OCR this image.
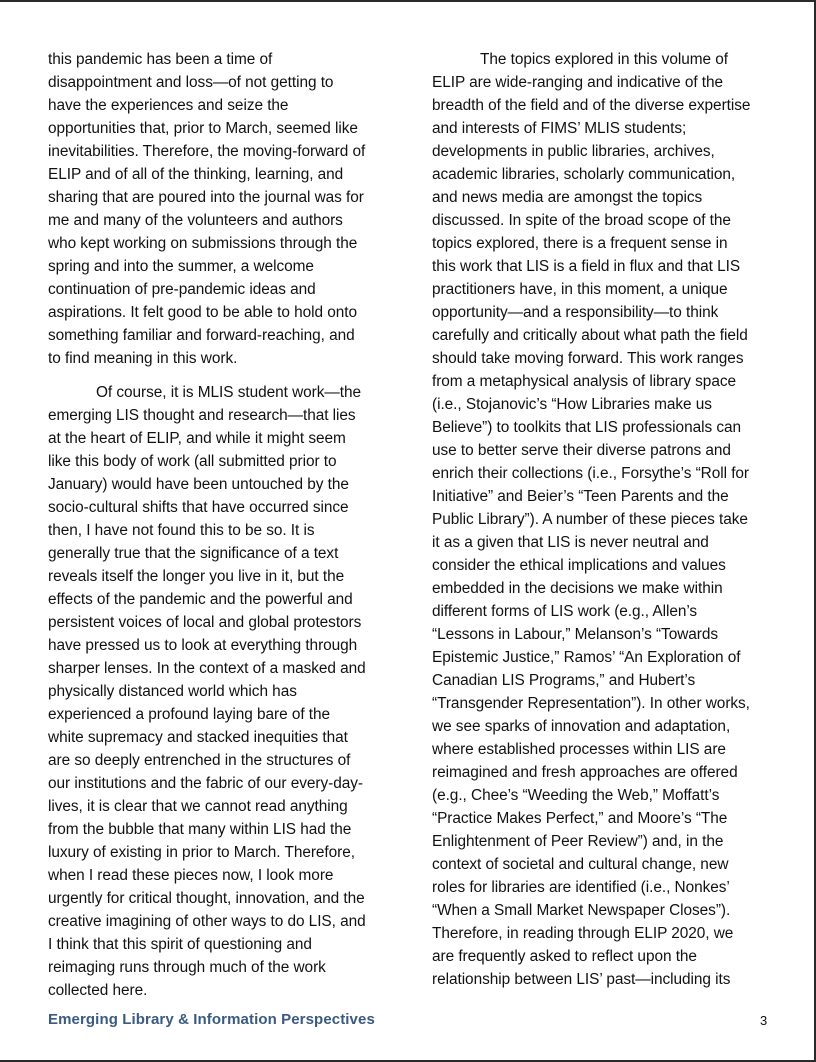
this pandemic has been a time of
disappointment and loss—of not getting to
have the experiences and seize the
opportunities that, prior to March, seemed like
inevitabilities. Therefore, the moving-forward of
ELIP and of all of the thinking, learning, and
sharing that are poured into the journal was for
me and many of the volunteers and authors
who kept working on submissions through the
spring and into the summer, a welcome
continuation of pre-pandemic ideas and
aspirations. It felt good to be able to hold onto
something familiar and forward-reaching, and
to find meaning in this work.

Of course, it is MLIS student work—the
emerging LIS thought and research—that lies
at the heart of ELIP, and while it might seem
like this body of work (all submitted prior to
January) would have been untouched by the
socio-cultural shifts that have occurred since
then, I have not found this to be so. It is
generally true that the significance of a text
reveals itself the longer you live in it, but the
effects of the pandemic and the powerful and
persistent voices of local and global protestors
have pressed us to look at everything through
sharper lenses. In the context of a masked and
physically distanced world which has
experienced a profound laying bare of the
white supremacy and stacked inequities that
are so deeply entrenched in the structures of
our institutions and the fabric of our every-day-
lives, it is clear that we cannot read anything
from the bubble that many within LIS had the
luxury of existing in prior to March. Therefore,
when I read these pieces now, I look more
urgently for critical thought, innovation, and the
creative imagining of other ways to do LIS, and
I think that this spirit of questioning and
reimaging runs through much of the work
collected here.

The topics explored in this volume of
ELIP are wide-ranging and indicative of the
breadth of the field and of the diverse expertise
and interests of FIMS’ MLIS students;
developments in public libraries, archives,
academic libraries, scholarly communication,
and news media are amongst the topics
discussed. In spite of the broad scope of the
topics explored, there is a frequent sense in
this work that LIS is a field in flux and that LIS
practitioners have, in this moment, a unique
opportunity—and a responsibility—to think
carefully and critically about what path the field
should take moving forward. This work ranges
from a metaphysical analysis of library space
(i.e., Stojanovic’s “How Libraries make us
Believe”) to toolkits that LIS professionals can
use to better serve their diverse patrons and
enrich their collections (i.e., Forsythe’s “Roll for
Initiative” and Beier’s “Teen Parents and the
Public Library”). A number of these pieces take
it as a given that LIS is never neutral and
consider the ethical implications and values
embedded in the decisions we make within
different forms of LIS work (e.g., Allen’s
“Lessons in Labour,” Melanson’s “Towards
Epistemic Justice,” Ramos’ “An Exploration of
Canadian LIS Programs,” and Hubert’s
“Transgender Representation”). In other works,
we see sparks of innovation and adaptation,
where established processes within LIS are
reimagined and fresh approaches are offered
(e.g., Chee’s “Weeding the Web,” Moffatt’s
“Practice Makes Perfect,” and Moore’s “The
Enlightenment of Peer Review”) and, in the
context of societal and cultural change, new
roles for libraries are identified (i.e., Nonkes’
“When a Small Market Newspaper Closes”).
Therefore, in reading through ELIP 2020, we
are frequently asked to reflect upon the
relationship between LIS’ past—including its

Emerging Library & Information Perspectives	3
